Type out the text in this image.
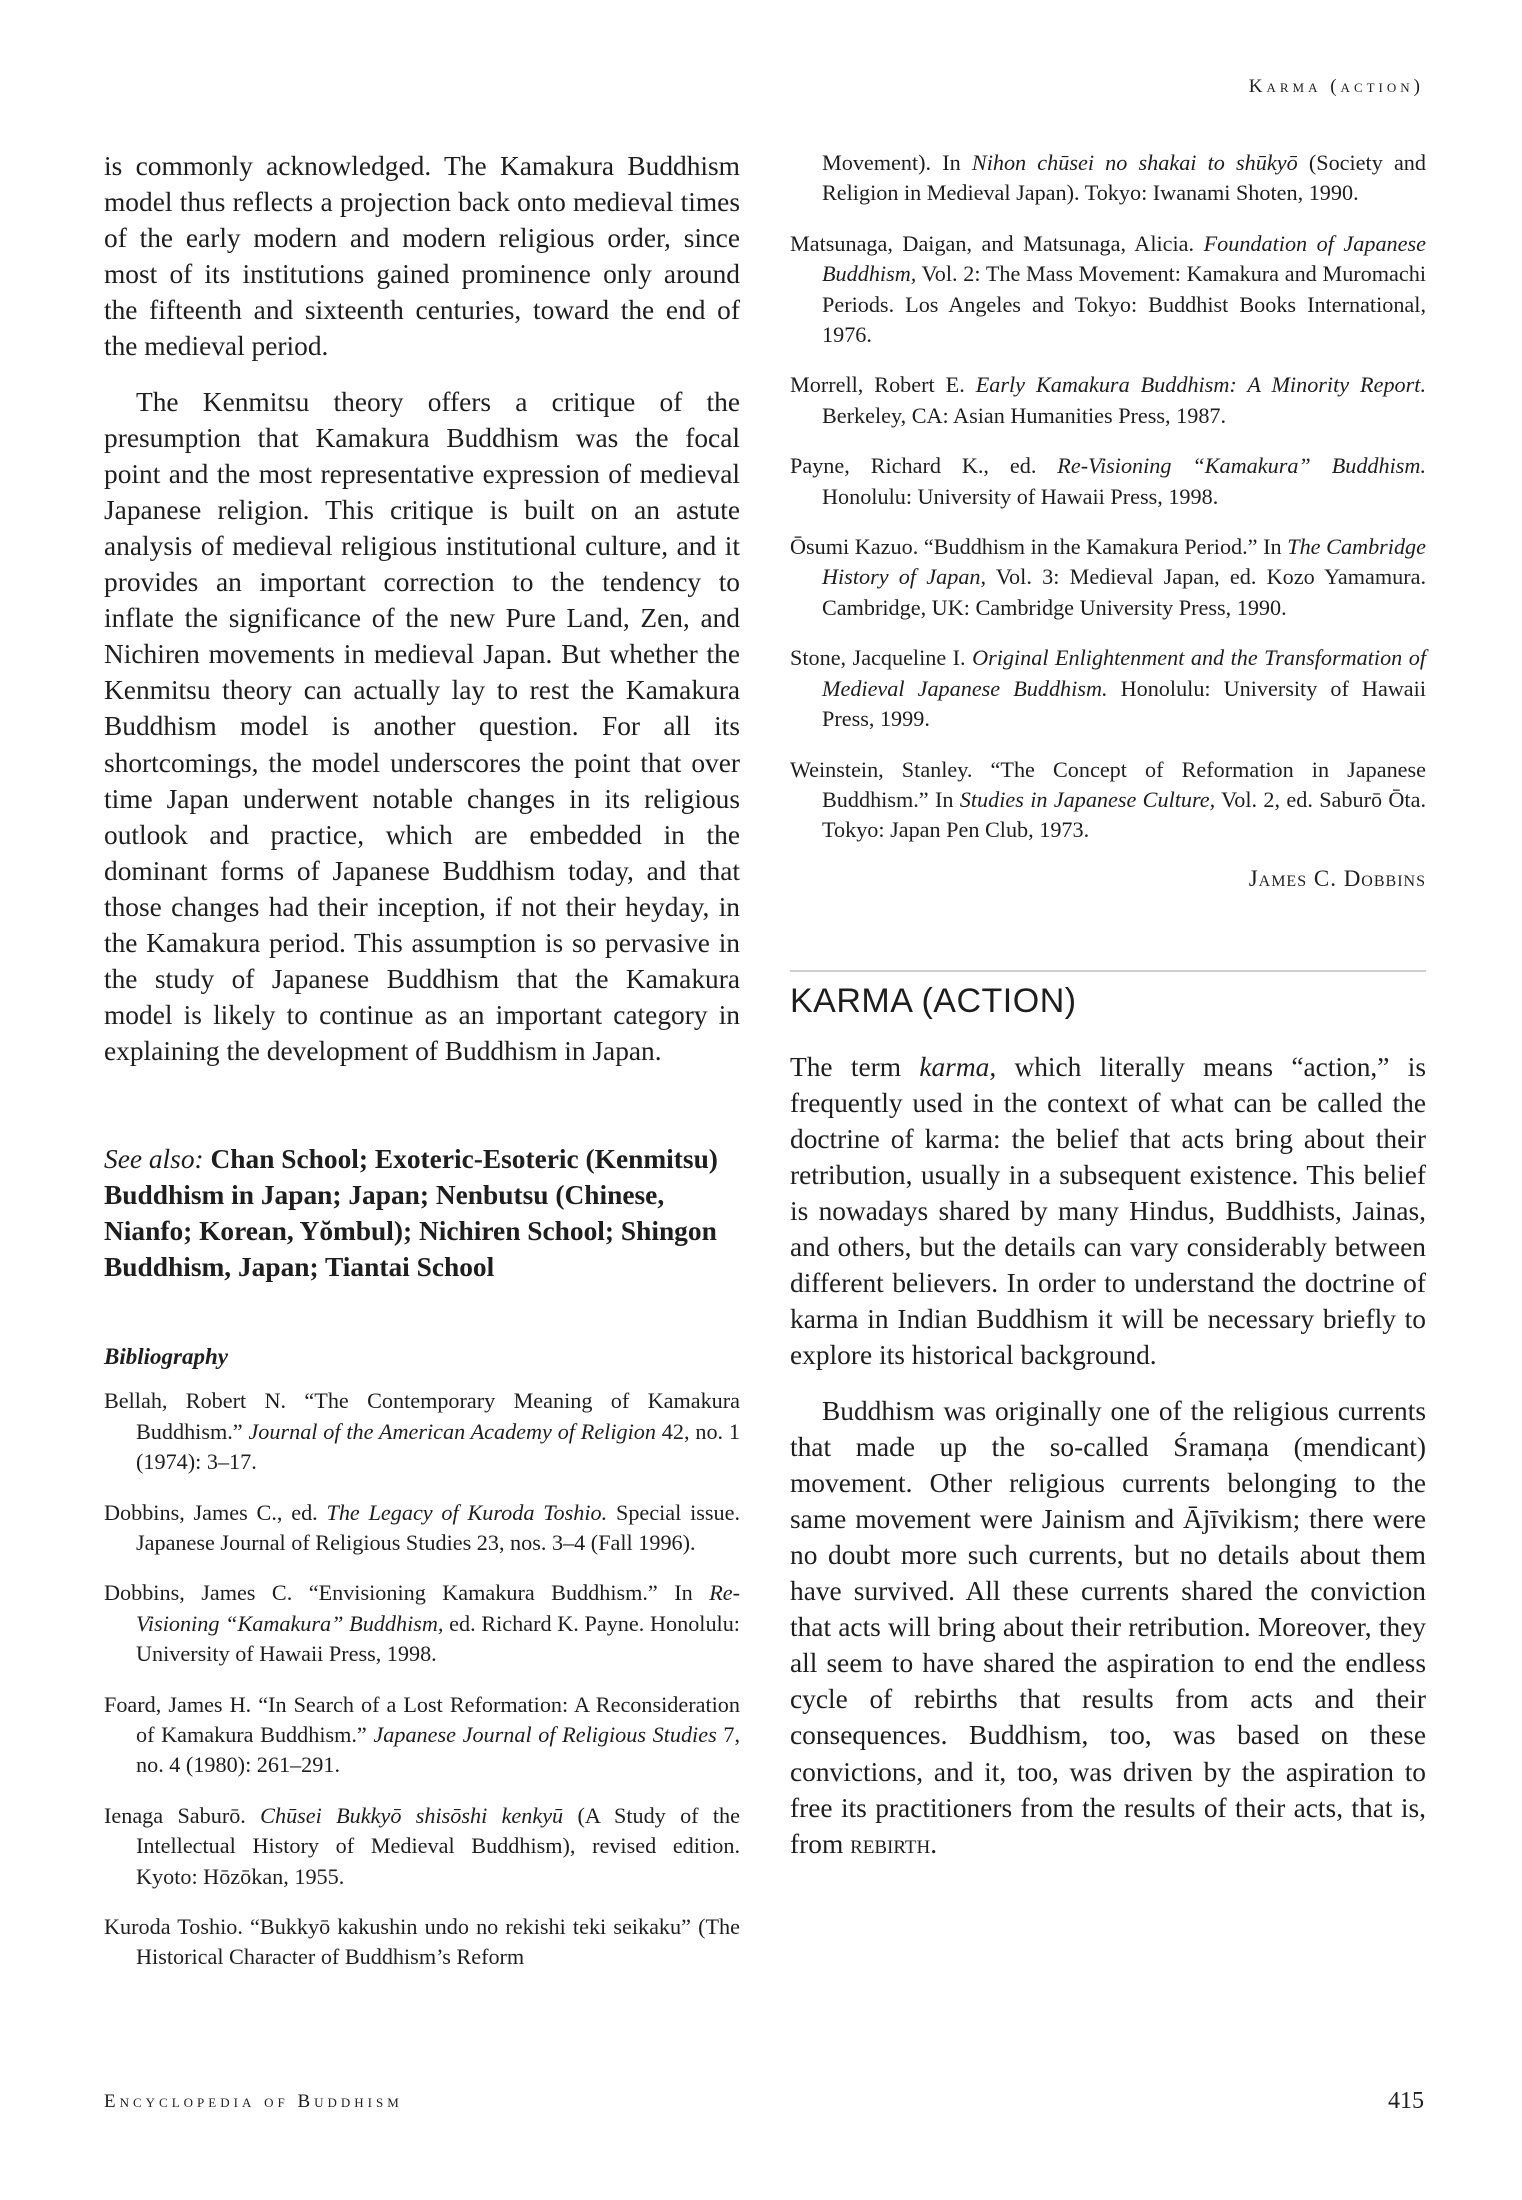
Karma (action)

is commonly acknowledged. The Kamakura Buddhism model thus reflects a projection back onto medieval times of the early modern and modern religious order, since most of its institutions gained prominence only around the fifteenth and sixteenth centuries, toward the end of the medieval period.

The Kenmitsu theory offers a critique of the presumption that Kamakura Buddhism was the focal point and the most representative expression of medieval Japanese religion. This critique is built on an astute analysis of medieval religious institutional culture, and it provides an important correction to the tendency to inflate the significance of the new Pure Land, Zen, and Nichiren movements in medieval Japan. But whether the Kenmitsu theory can actually lay to rest the Kamakura Buddhism model is another question. For all its shortcomings, the model underscores the point that over time Japan underwent notable changes in its religious outlook and practice, which are embedded in the dominant forms of Japanese Buddhism today, and that those changes had their inception, if not their heyday, in the Kamakura period. This assumption is so pervasive in the study of Japanese Buddhism that the Kamakura model is likely to continue as an important category in explaining the development of Buddhism in Japan.

See also: Chan School; Exoteric-Esoteric (Kenmitsu) Buddhism in Japan; Japan; Nenbutsu (Chinese, Nianfo; Korean, Yŏmbul); Nichiren School; Shingon Buddhism, Japan; Tiantai School

Bibliography

Bellah, Robert N. “The Contemporary Meaning of Kamakura Buddhism.” Journal of the American Academy of Religion 42, no. 1 (1974): 3–17.

Dobbins, James C., ed. The Legacy of Kuroda Toshio. Special issue. Japanese Journal of Religious Studies 23, nos. 3–4 (Fall 1996).

Dobbins, James C. “Envisioning Kamakura Buddhism.” In Re-Visioning “Kamakura” Buddhism, ed. Richard K. Payne. Honolulu: University of Hawaii Press, 1998.

Foard, James H. “In Search of a Lost Reformation: A Reconsideration of Kamakura Buddhism.” Japanese Journal of Religious Studies 7, no. 4 (1980): 261–291.

Ienaga Saburō. Chūsei Bukkyō shisōshi kenkyū (A Study of the Intellectual History of Medieval Buddhism), revised edition. Kyoto: Hōzōkan, 1955.

Kuroda Toshio. “Bukkyō kakushin undo no rekishi teki seikaku” (The Historical Character of Buddhism’s Reform

Movement). In Nihon chūsei no shakai to shūkyō (Society and Religion in Medieval Japan). Tokyo: Iwanami Shoten, 1990.

Matsunaga, Daigan, and Matsunaga, Alicia. Foundation of Japanese Buddhism, Vol. 2: The Mass Movement: Kamakura and Muromachi Periods. Los Angeles and Tokyo: Buddhist Books International, 1976.

Morrell, Robert E. Early Kamakura Buddhism: A Minority Report. Berkeley, CA: Asian Humanities Press, 1987.

Payne, Richard K., ed. Re-Visioning “Kamakura” Buddhism. Honolulu: University of Hawaii Press, 1998.

Ōsumi Kazuo. “Buddhism in the Kamakura Period.” In The Cambridge History of Japan, Vol. 3: Medieval Japan, ed. Kozo Yamamura. Cambridge, UK: Cambridge University Press, 1990.

Stone, Jacqueline I. Original Enlightenment and the Transformation of Medieval Japanese Buddhism. Honolulu: University of Hawaii Press, 1999.

Weinstein, Stanley. “The Concept of Reformation in Japanese Buddhism.” In Studies in Japanese Culture, Vol. 2, ed. Saburō Ōta. Tokyo: Japan Pen Club, 1973.

James C. Dobbins
KARMA (ACTION)

The term karma, which literally means “action,” is frequently used in the context of what can be called the doctrine of karma: the belief that acts bring about their retribution, usually in a subsequent existence. This belief is nowadays shared by many Hindus, Buddhists, Jainas, and others, but the details can vary considerably between different believers. In order to understand the doctrine of karma in Indian Buddhism it will be necessary briefly to explore its historical background.

Buddhism was originally one of the religious currents that made up the so-called Śramaṇa (mendicant) movement. Other religious currents belonging to the same movement were Jainism and Ājīvikism; there were no doubt more such currents, but no details about them have survived. All these currents shared the conviction that acts will bring about their retribution. Moreover, they all seem to have shared the aspiration to end the endless cycle of rebirths that results from acts and their consequences. Buddhism, too, was based on these convictions, and it, too, was driven by the aspiration to free its practitioners from the results of their acts, that is, from rebirth.

Encyclopedia of Buddhism	415
